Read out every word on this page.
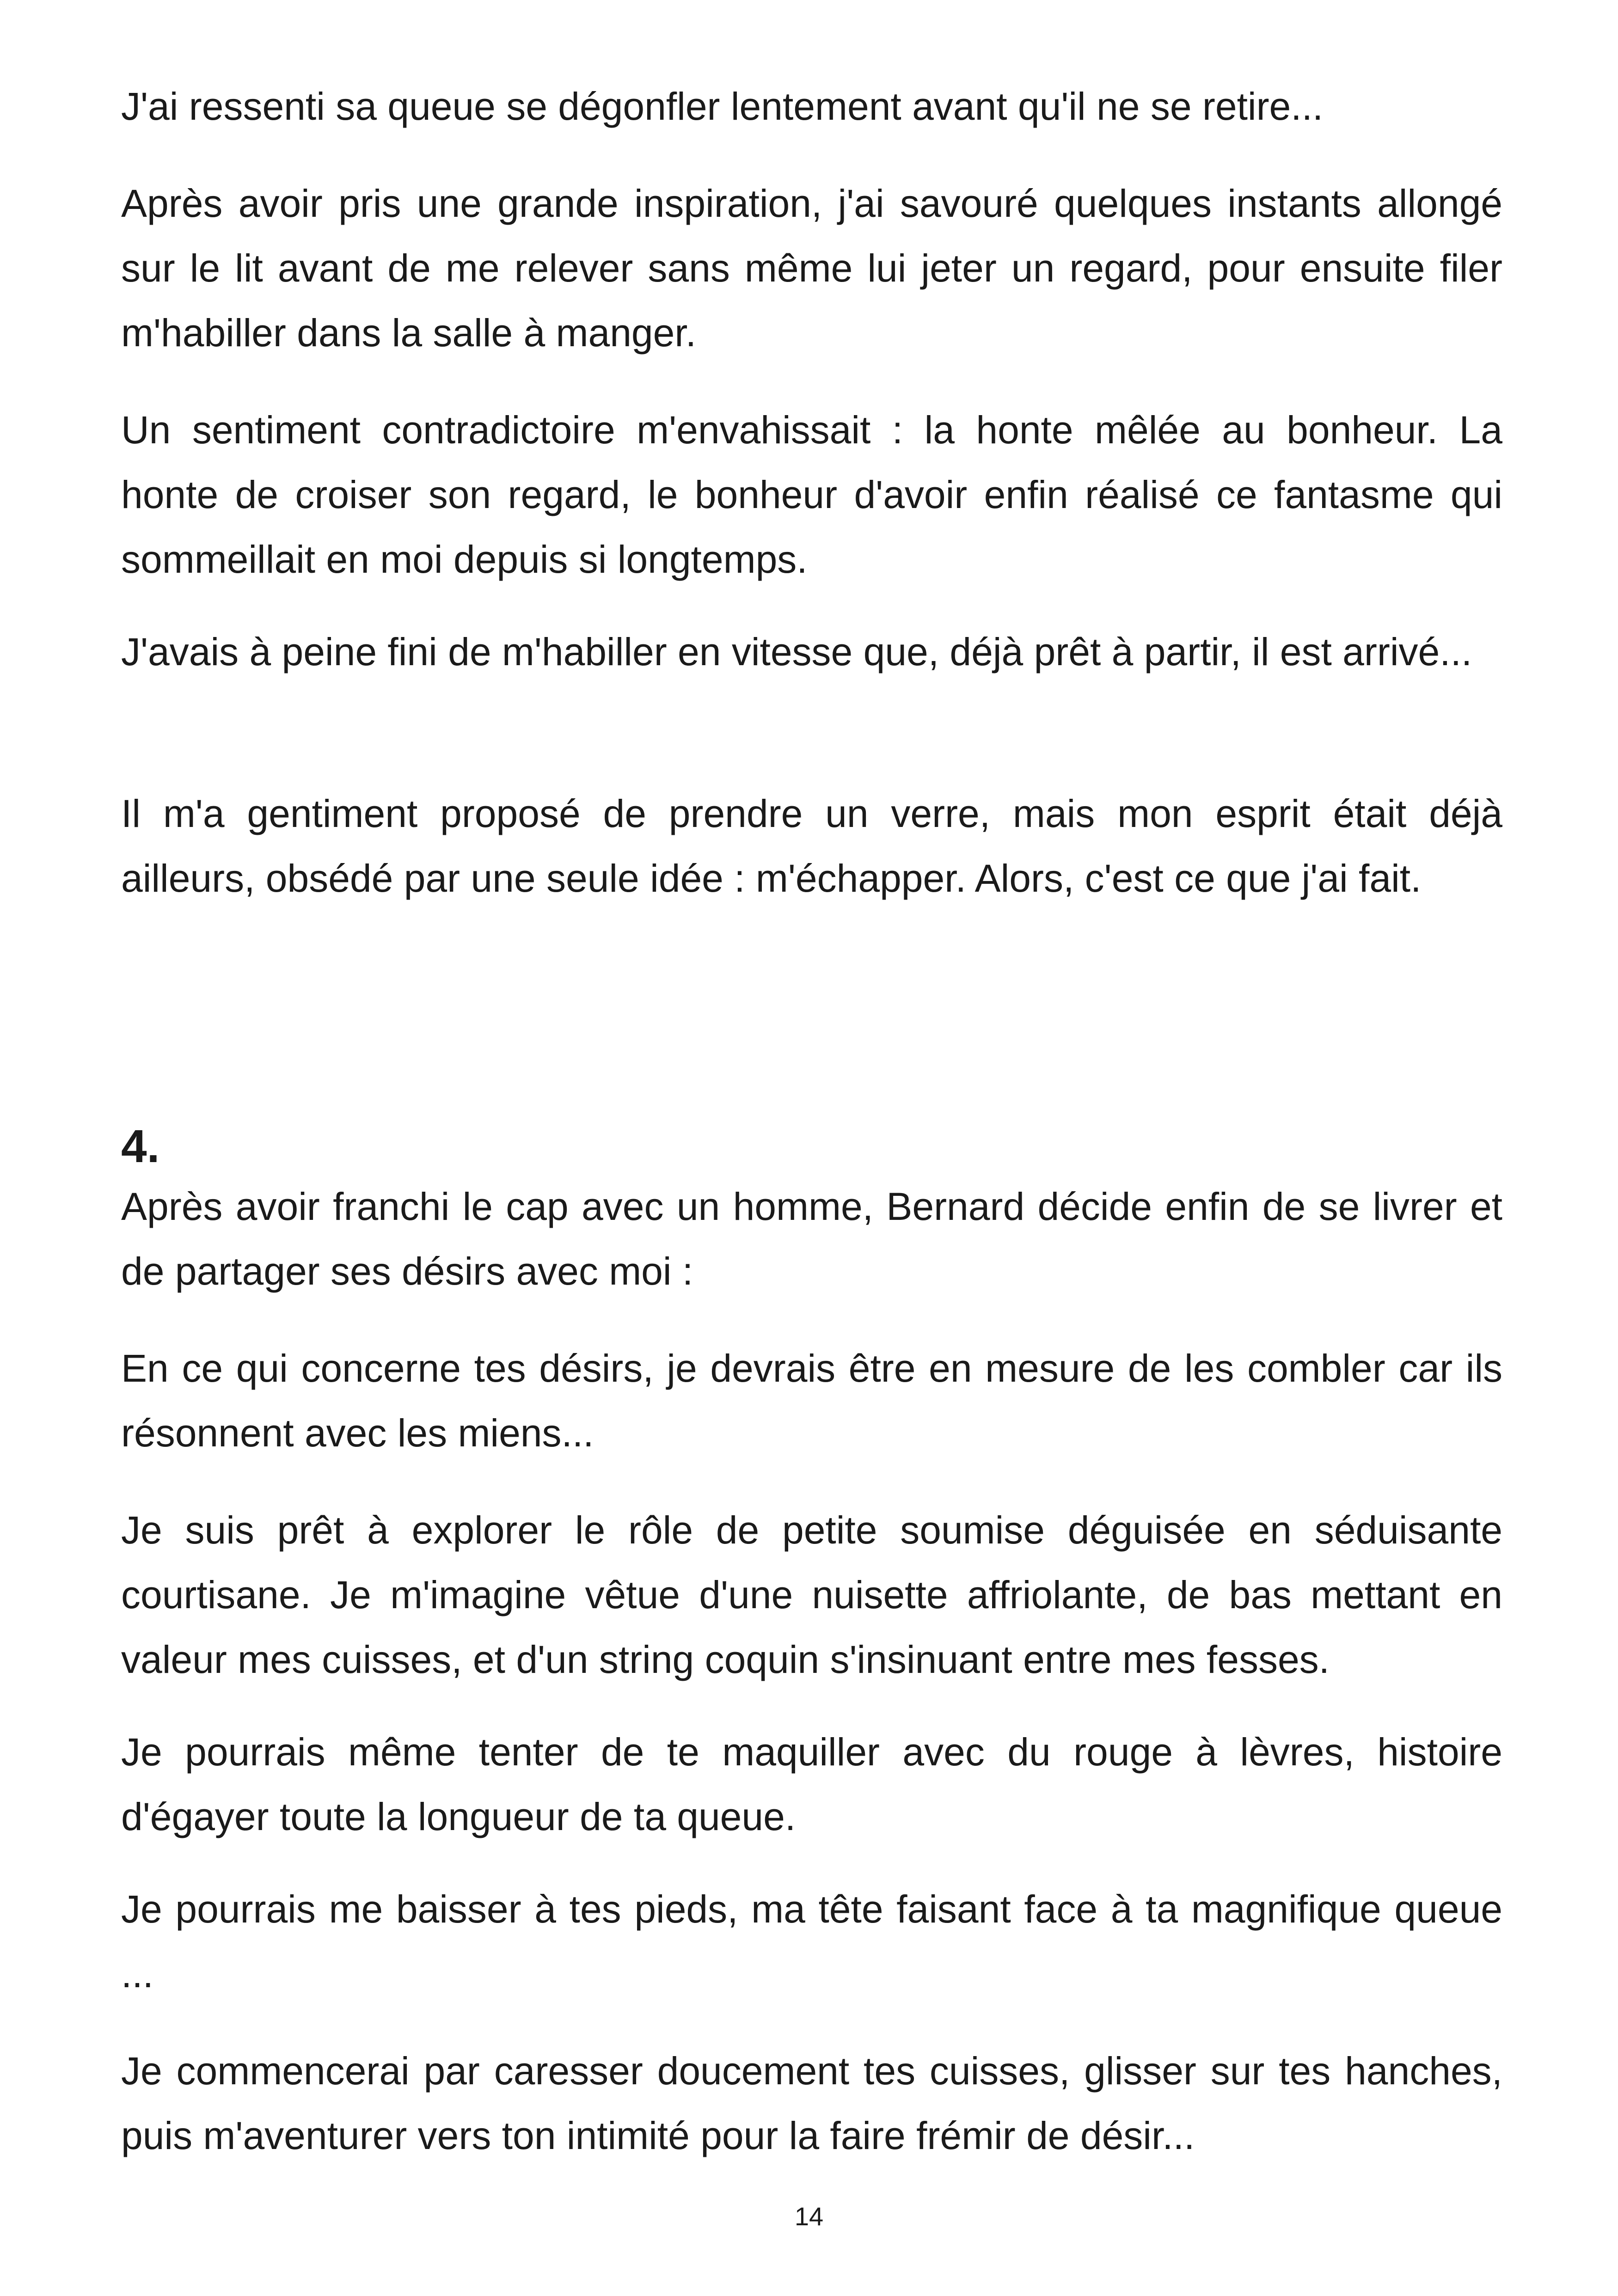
J'ai ressenti sa queue se dégonfler lentement avant qu'il ne se retire...

Après avoir pris une grande inspiration, j'ai savouré quelques instants allongé sur le lit avant de me relever sans même lui jeter un regard, pour ensuite filer m'habiller dans la salle à manger.

Un sentiment contradictoire m'envahissait : la honte mêlée au bonheur. La honte de croiser son regard, le bonheur d'avoir enfin réalisé ce fantasme qui sommeillait en moi depuis si longtemps.

J'avais à peine fini de m'habiller en vitesse que, déjà prêt à partir, il est arrivé...

Il m'a gentiment proposé de prendre un verre, mais mon esprit était déjà ailleurs, obsédé par une seule idée : m'échapper. Alors, c'est ce que j'ai fait.

4.

Après avoir franchi le cap avec un homme, Bernard décide enfin de se livrer et de partager ses désirs avec moi :

En ce qui concerne tes désirs, je devrais être en mesure de les combler car ils résonnent avec les miens...

Je suis prêt à explorer le rôle de petite soumise déguisée en séduisante courtisane. Je m'imagine vêtue d'une nuisette affriolante, de bas mettant en valeur mes cuisses, et d'un string coquin s'insinuant entre mes fesses.

Je pourrais même tenter de te maquiller avec du rouge à lèvres, histoire d'égayer toute la longueur de ta queue.

Je pourrais me baisser à tes pieds, ma tête faisant face à ta magnifique queue ...

Je commencerai par caresser doucement tes cuisses, glisser sur tes hanches, puis m'aventurer vers ton intimité pour la faire frémir de désir...

14
